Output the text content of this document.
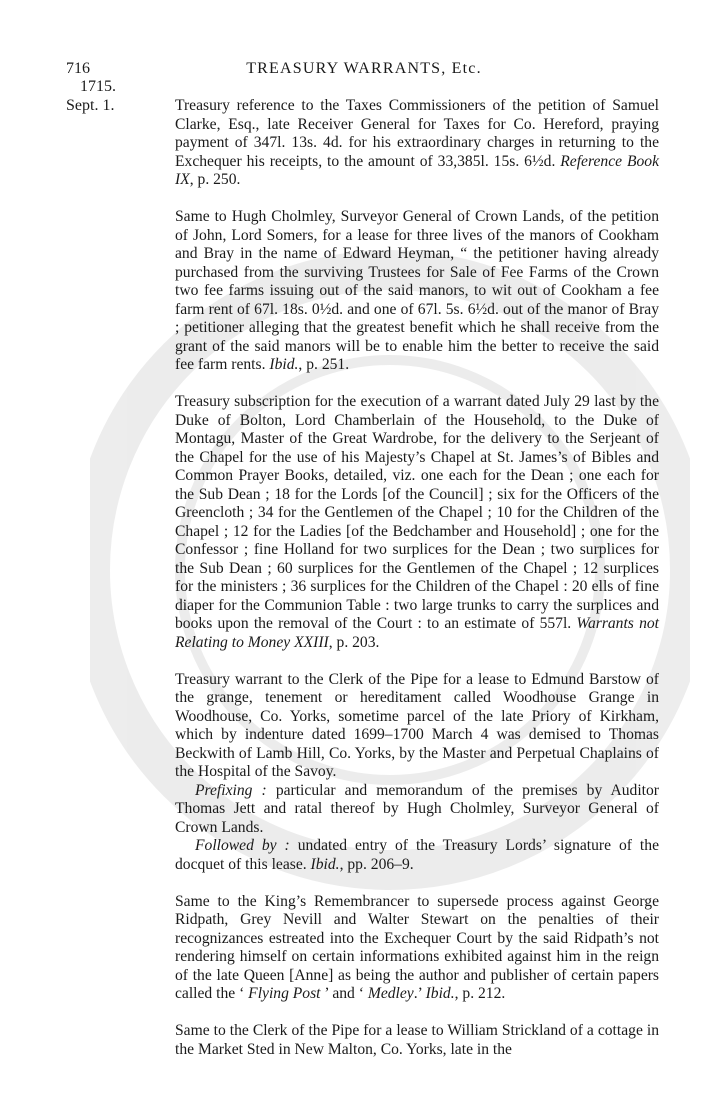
716	TREASURY WARRANTS, Etc.
1715.
Sept. 1.	Treasury reference to the Taxes Commissioners of the petition of Samuel Clarke, Esq., late Receiver General for Taxes for Co. Hereford, praying payment of 347l. 13s. 4d. for his extraordinary charges in returning to the Exchequer his receipts, to the amount of 33,385l. 15s. 6½d. Reference Book IX, p. 250.

Same to Hugh Cholmley, Surveyor General of Crown Lands, of the petition of John, Lord Somers, for a lease for three lives of the manors of Cookham and Bray in the name of Edward Heyman, “ the petitioner having already purchased from the surviving Trustees for Sale of Fee Farms of the Crown two fee farms issuing out of the said manors, to wit out of Cookham a fee farm rent of 67l. 18s. 0½d. and one of 67l. 5s. 6½d. out of the manor of Bray ; petitioner alleging that the greatest benefit which he shall receive from the grant of the said manors will be to enable him the better to receive the said fee farm rents. Ibid., p. 251.

Treasury subscription for the execution of a warrant dated July 29 last by the Duke of Bolton, Lord Chamberlain of the Household, to the Duke of Montagu, Master of the Great Wardrobe, for the delivery to the Serjeant of the Chapel for the use of his Majesty’s Chapel at St. James’s of Bibles and Common Prayer Books, detailed, viz. one each for the Dean ; one each for the Sub Dean ; 18 for the Lords [of the Council] ; six for the Officers of the Greencloth ; 34 for the Gentlemen of the Chapel ; 10 for the Children of the Chapel ; 12 for the Ladies [of the Bedchamber and Household] ; one for the Confessor ; fine Holland for two surplices for the Dean ; two surplices for the Sub Dean ; 60 surplices for the Gentlemen of the Chapel ; 12 surplices for the ministers ; 36 surplices for the Children of the Chapel : 20 ells of fine diaper for the Communion Table : two large trunks to carry the surplices and books upon the removal of the Court : to an estimate of 557l. Warrants not Relating to Money XXIII, p. 203.

Treasury warrant to the Clerk of the Pipe for a lease to Edmund Barstow of the grange, tenement or hereditament called Woodhouse Grange in Woodhouse, Co. Yorks, sometime parcel of the late Priory of Kirkham, which by indenture dated 1699–1700 March 4 was demised to Thomas Beckwith of Lamb Hill, Co. Yorks, by the Master and Perpetual Chaplains of the Hospital of the Savoy.

Prefixing : particular and memorandum of the premises by Auditor Thomas Jett and ratal thereof by Hugh Cholmley, Surveyor General of Crown Lands.

Followed by : undated entry of the Treasury Lords’ signature of the docquet of this lease. Ibid., pp. 206–9.

Same to the King’s Remembrancer to supersede process against George Ridpath, Grey Nevill and Walter Stewart on the penalties of their recognizances estreated into the Exchequer Court by the said Ridpath’s not rendering himself on certain informations exhibited against him in the reign of the late Queen [Anne] as being the author and publisher of certain papers called the ‘ Flying Post ’ and ‘ Medley.’ Ibid., p. 212.

Same to the Clerk of the Pipe for a lease to William Strickland of a cottage in the Market Sted in New Malton, Co. Yorks, late in the
